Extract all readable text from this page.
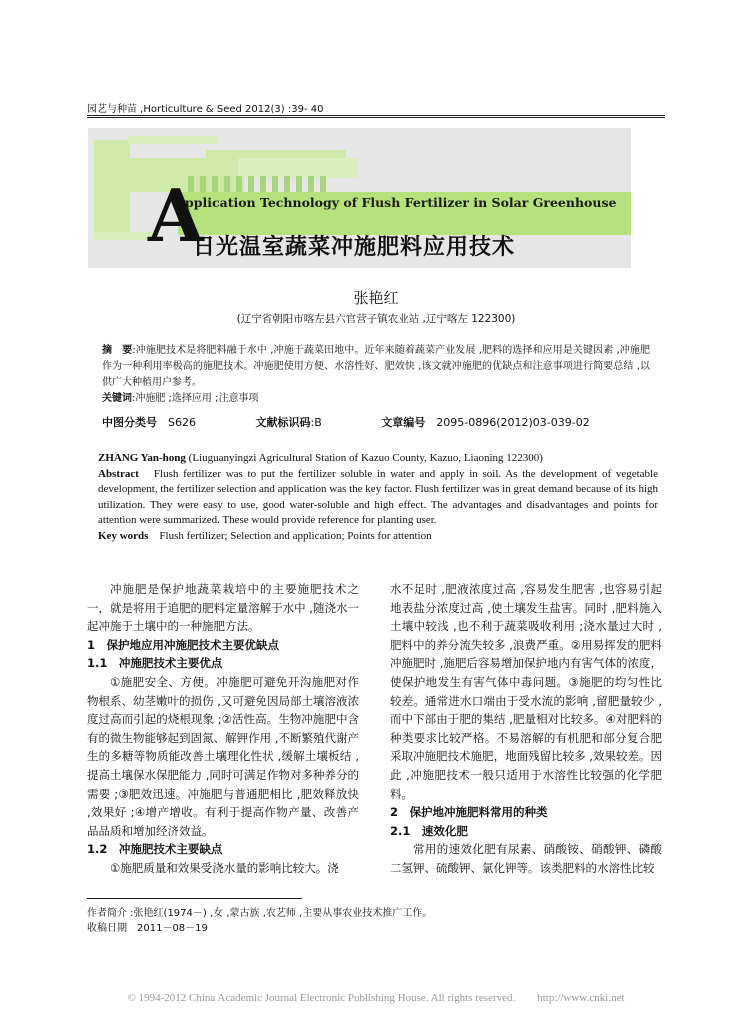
园艺与种苗 ,Horticulture & Seed 2012(3) :39- 40
A
pplication Technology of Flush Fertilizer in Solar Greenhouse
日光温室蔬菜冲施肥料应用技术
张艳红
(辽宁省朝阳市喀左县六官营子镇农业站 ,辽宁喀左 122300)
摘　要:冲施肥技术是将肥料融于水中 ,冲施于蔬菜田地中。近年来随着蔬菜产业发展 ,肥料的选择和应用是关键因素 ,冲施肥作为一种利用率极高的施肥技术。冲施肥使用方便、水溶性好、肥效快 ,该文就冲施肥的优缺点和注意事项进行简要总结 ,以供广大种植用户参考。
关键词:冲施肥 ;选择应用 ;注意事项
中图分类号　 S626	文献标识码:B	文章编号　 2095-0896(2012)03-039-02

ZHANG Yan-hong (Liuguanyingzi Agricultural Station of Kazuo County, Kazuo, Liaoning 122300)

Abstract　 Flush fertilizer was to put the fertilizer soluble in water and apply in soil. As the development of vegetable development, the fertilizer selection and application was the key factor. Flush fertilizer was in great demand because of its high utilization. They were easy to use, good water-soluble and high effect. The advantages and disadvantages and points for attention were summarized. These would provide reference for planting user.

Key words　 Flush fertilizer; Selection and application; Points for attention

冲施肥是保护地蔬菜栽培中的主要施肥技术之一，就是将用于追肥的肥料定量溶解于水中 ,随浇水一起冲施于土壤中的一种施肥方法。

1　保护地应用冲施肥技术主要优缺点

1.1　冲施肥技术主要优点

①施肥安全、方便。冲施肥可避免开沟施肥对作物根系、幼茎嫩叶的损伤 ,又可避免因局部土壤溶液浓度过高而引起的烧根现象 ;②活性高。生物冲施肥中含有的微生物能够起到固氮、解钾作用 ,不断繁殖代谢产生的多糖等物质能改善土壤理化性状 ,缓解土壤板结 ,提高土壤保水保肥能力 ,同时可满足作物对多种养分的需要 ;③肥效迅速。冲施肥与普通肥相比 ,肥效释放快 ,效果好 ;④增产增收。有利于提高作物产量、改善产品品质和增加经济效益。

1.2　冲施肥技术主要缺点

①施肥质量和效果受浇水量的影响比较大。浇

水不足时 ,肥液浓度过高 ,容易发生肥害 ,也容易引起地表盐分浓度过高 ,使土壤发生盐害。同时 ,肥料施入土壤中较浅 ,也不利于蔬菜吸收利用 ;浇水量过大时 ,肥料中的养分流失较多 ,浪费严重。②用易挥发的肥料冲施肥时 ,施肥后容易增加保护地内有害气体的浓度，使保护地发生有害气体中毒问题。③施肥的均匀性比较差。通常进水口端由于受水流的影响 ,留肥量较少 ,而中下部由于肥的集结 ,肥量相对比较多。④对肥料的种类要求比较严格。不易溶解的有机肥和部分复合肥采取冲施肥技术施肥，地面残留比较多 ,效果较差。因此 ,冲施肥技术一般只适用于水溶性比较强的化学肥料。

2　保护地冲施肥料常用的种类

2.1　速效化肥

常用的速效化肥有尿素、硝酸铵、硝酸钾、磷酸二氢钾、硫酸钾、氯化钾等。该类肥料的水溶性比较

作者简介 :张艳红(1974－) ,女 ,蒙古族 ,农艺师 ,主要从事农业技术推广工作。
收稿日期　2011－08－19
© 1994-2012 China Academic Journal Electronic Publishing House. All rights reserved.　　http://www.cnki.net
